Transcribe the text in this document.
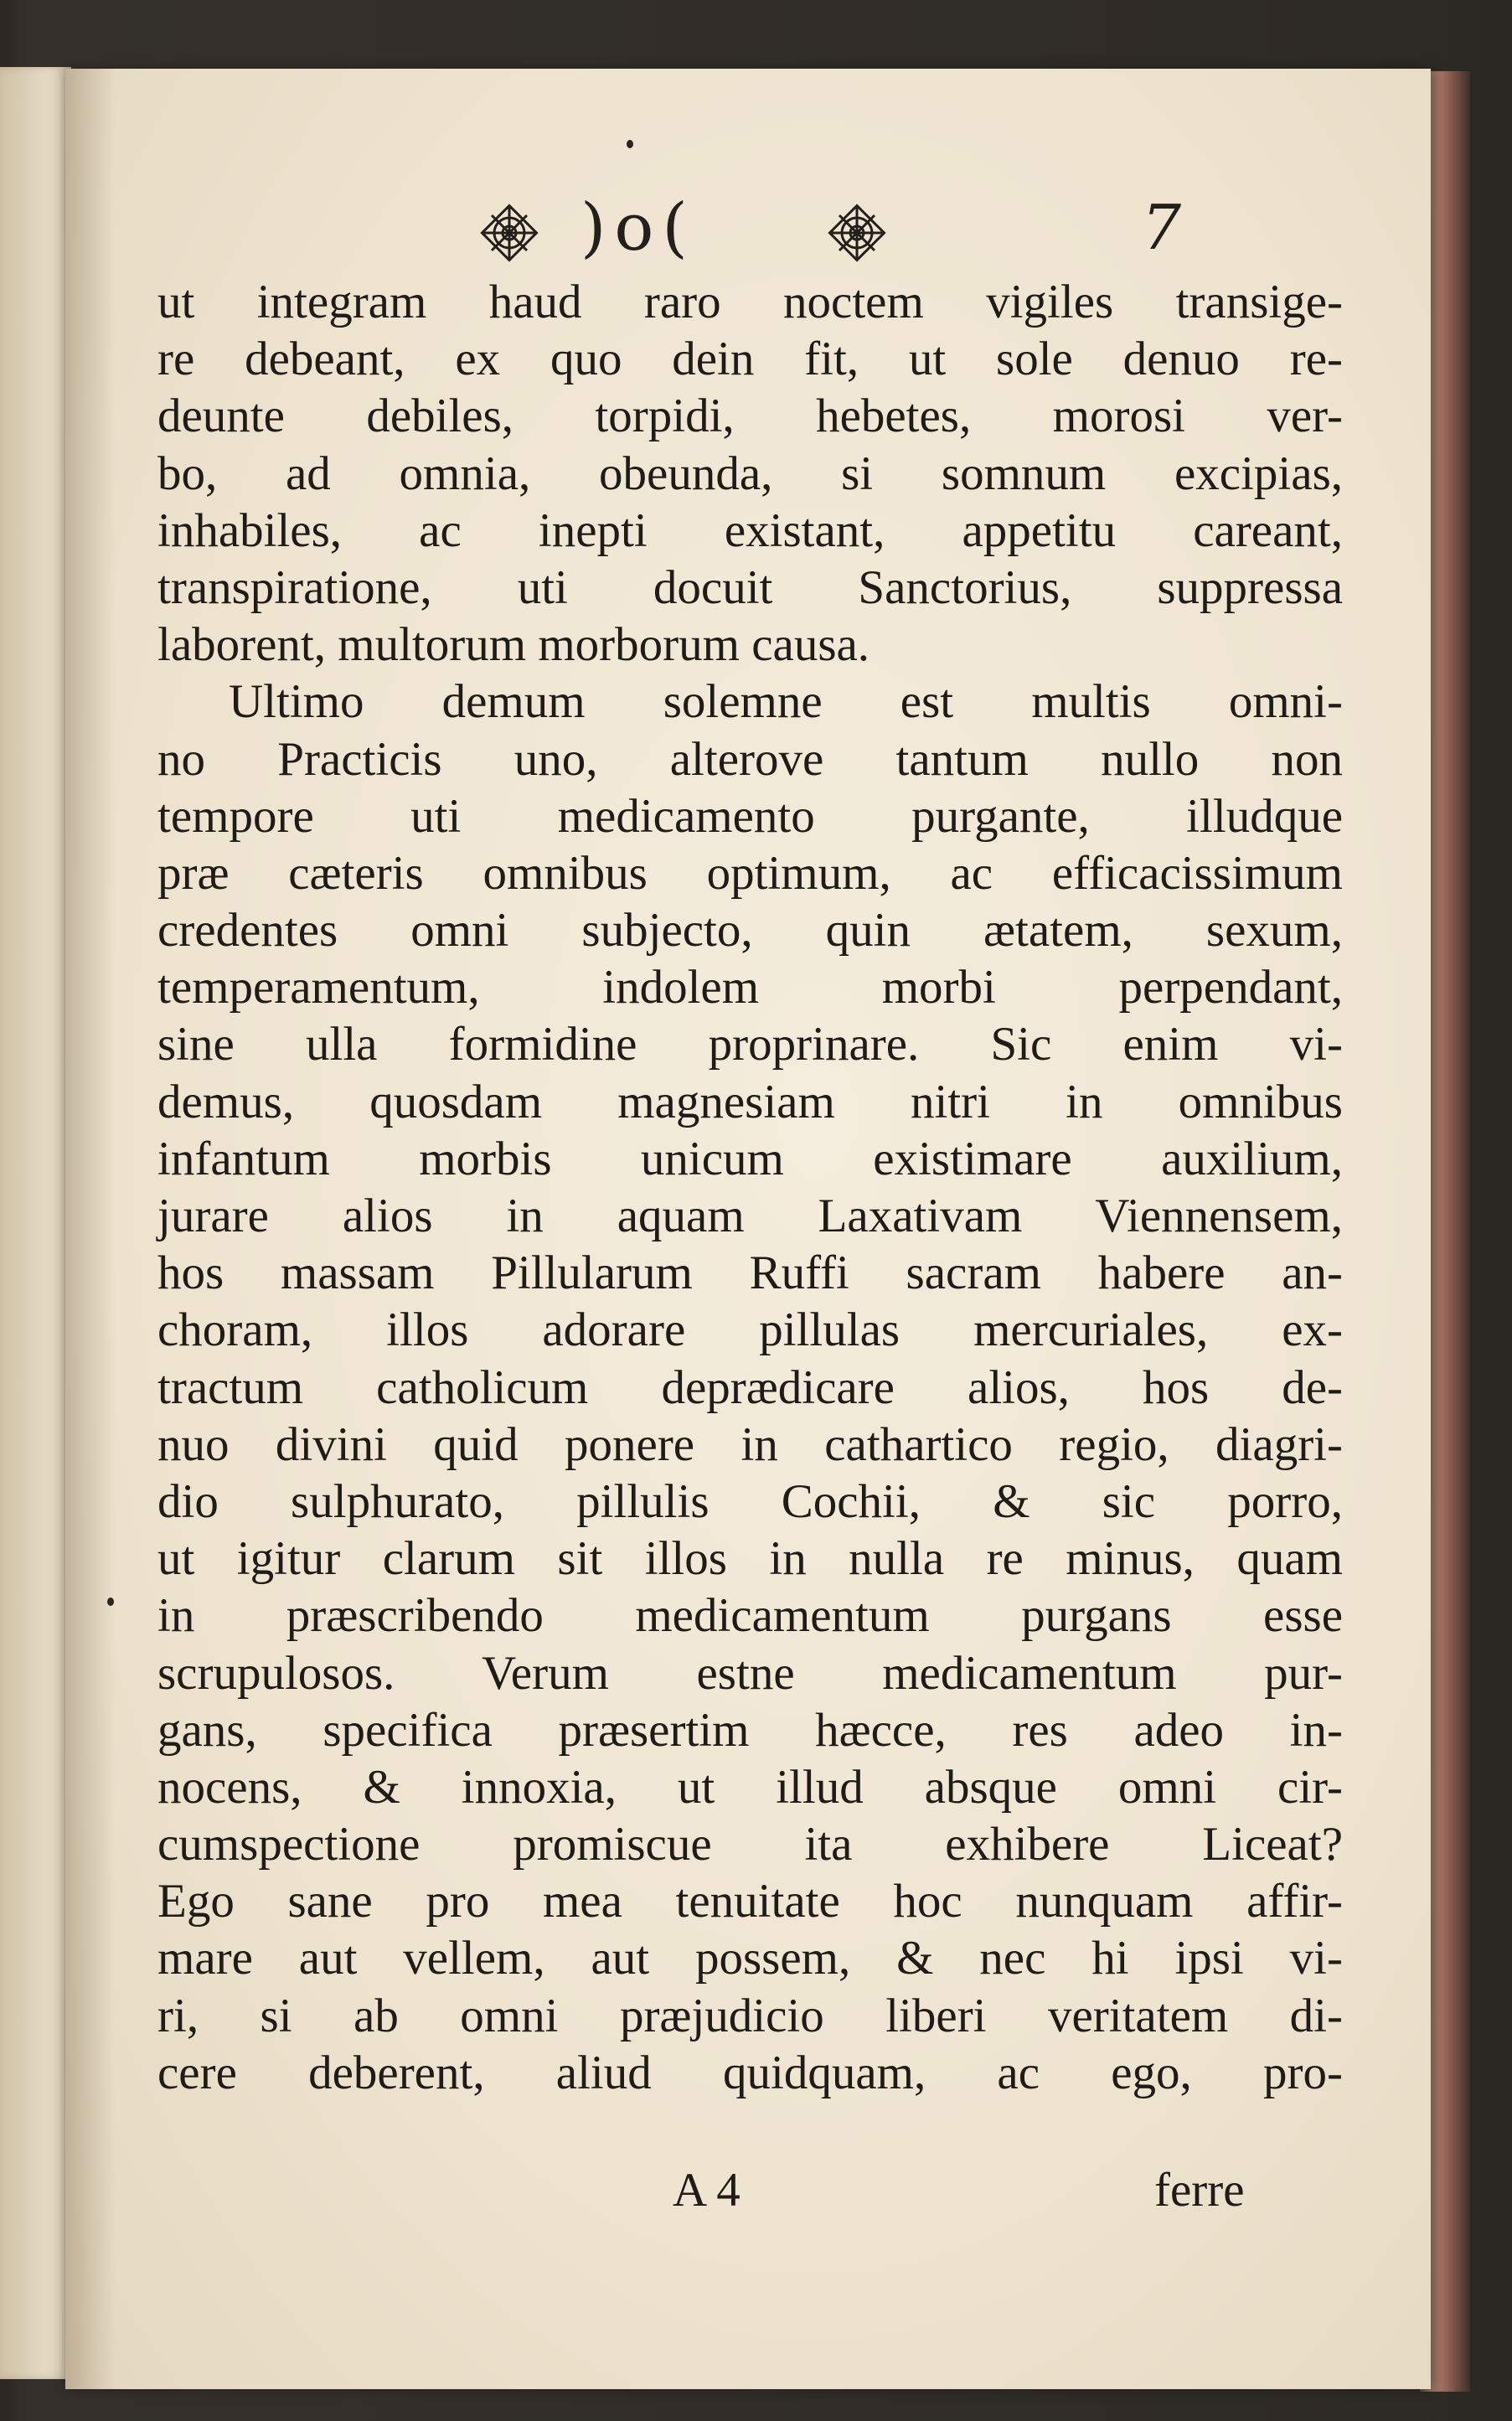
)o(	7
ut integram haud raro noctem vigiles transige-
re debeant, ex quo dein fit, ut sole denuo re-
deunte debiles, torpidi, hebetes, morosi ver-
bo, ad omnia, obeunda, si somnum excipias,
inhabiles, ac inepti existant, appetitu careant,
transpiratione, uti docuit Sanctorius, suppressa
laborent, multorum morborum causa.
Ultimo demum solemne est multis omni-
no Practicis uno, alterove tantum nullo non
tempore uti medicamento purgante, illudque
præ cæteris omnibus optimum, ac efficacissimum
credentes omni subjecto, quin ætatem, sexum,
temperamentum, indolem morbi perpendant,
sine ulla formidine proprinare. Sic enim vi-
demus, quosdam magnesiam nitri in omnibus
infantum morbis unicum existimare auxilium,
jurare alios in aquam Laxativam Viennensem,
hos massam Pillularum Ruffi sacram habere an-
choram, illos adorare pillulas mercuriales, ex-
tractum catholicum deprædicare alios, hos de-
nuo divini quid ponere in cathartico regio, diagri-
dio sulphurato, pillulis Cochii, & sic porro,
ut igitur clarum sit illos in nulla re minus, quam
in præscribendo medicamentum purgans esse
scrupulosos. Verum estne medicamentum pur-
gans, specifica præsertim hæcce, res adeo in-
nocens, & innoxia, ut illud absque omni cir-
cumspectione promiscue ita exhibere Liceat?
Ego sane pro mea tenuitate hoc nunquam affir-
mare aut vellem, aut possem, & nec hi ipsi vi-
ri, si ab omni præjudicio liberi veritatem di-
cere deberent, aliud quidquam, ac ego, pro-
A 4	ferre
